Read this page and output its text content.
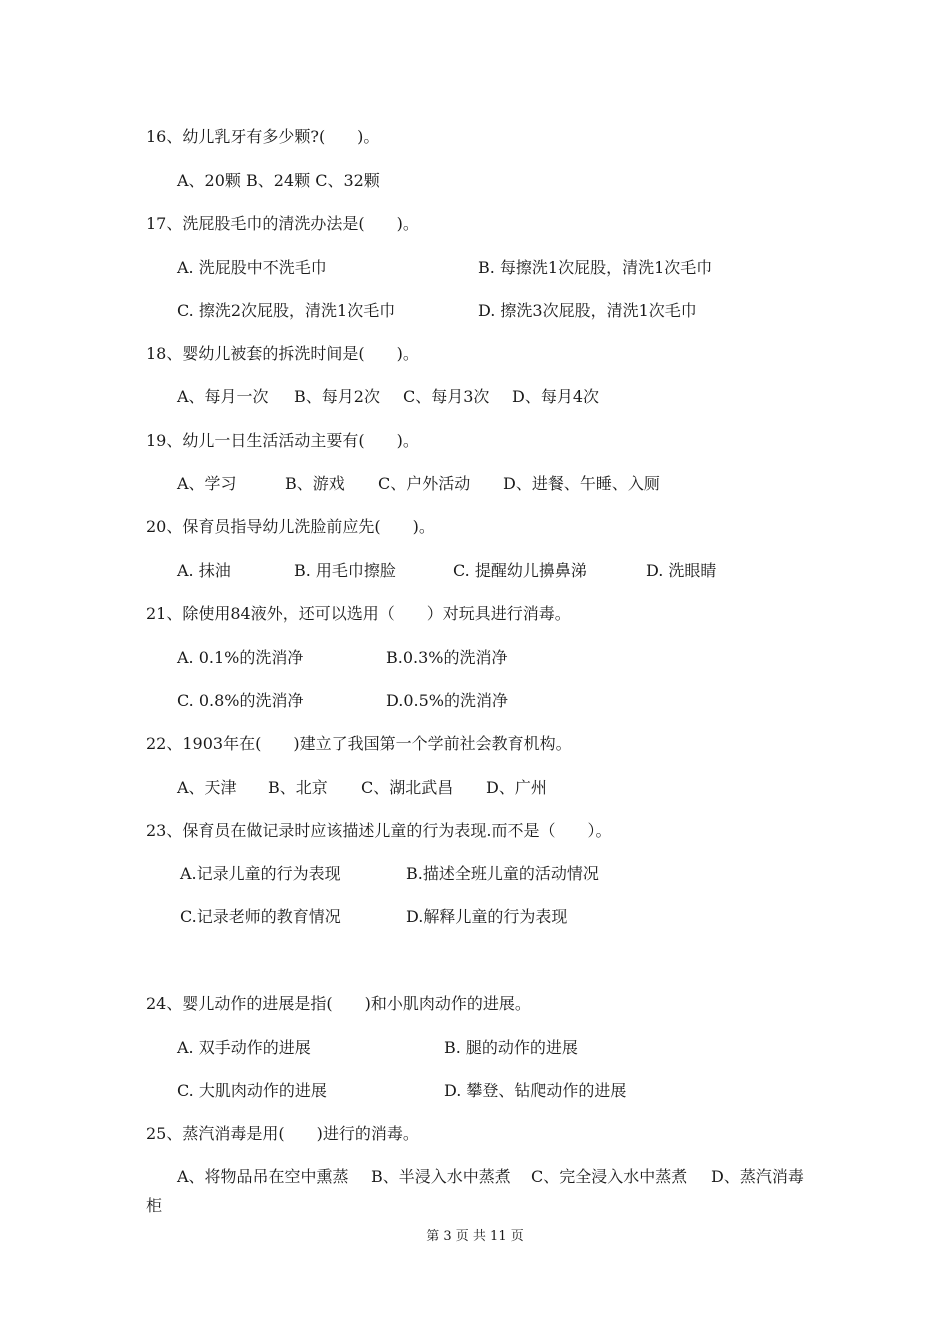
16、幼儿乳牙有多少颗?(　　)。
A、20颗 B、24颗 C、32颗
17、洗屁股毛巾的清洗办法是(　　)。
A. 洗屁股中不洗毛巾	B. 每擦洗1次屁股，清洗1次毛巾
C. 擦洗2次屁股，清洗1次毛巾	D. 擦洗3次屁股，清洗1次毛巾
18、婴幼儿被套的拆洗时间是(　　)。
A、每月一次 B、每月2次 C、每月3次 D、每月4次
19、幼儿一日生活活动主要有(　　)。
A、学习	B、游戏 C、户外活动 D、进餐、午睡、入厕
20、保育员指导幼儿洗脸前应先(　　)。
A. 抹油	B. 用毛巾擦脸	C. 提醒幼儿擤鼻涕	D. 洗眼睛
21、除使用84液外，还可以选用（　　）对玩具进行消毒。
A. 0.1%的洗消净	B.0.3%的洗消净
C. 0.8%的洗消净	D.0.5%的洗消净
22、1903年在(　　)建立了我国第一个学前社会教育机构。
A、天津 B、北京 C、湖北武昌 D、广州
23、保育员在做记录时应该描述儿童的行为表现.而不是（　　）。
A.记录儿童的行为表现	B.描述全班儿童的活动情况
C.记录老师的教育情况	D.解释儿童的行为表现
24、婴儿动作的进展是指(　　)和小肌肉动作的进展。
A. 双手动作的进展	B. 腿的动作的进展
C. 大肌肉动作的进展	D. 攀登、钻爬动作的进展
25、蒸汽消毒是用(　　)进行的消毒。
A、将物品吊在空中熏蒸 B、半浸入水中蒸煮 C、完全浸入水中蒸煮 D、蒸汽消毒
柜
第 3 页 共 11 页
